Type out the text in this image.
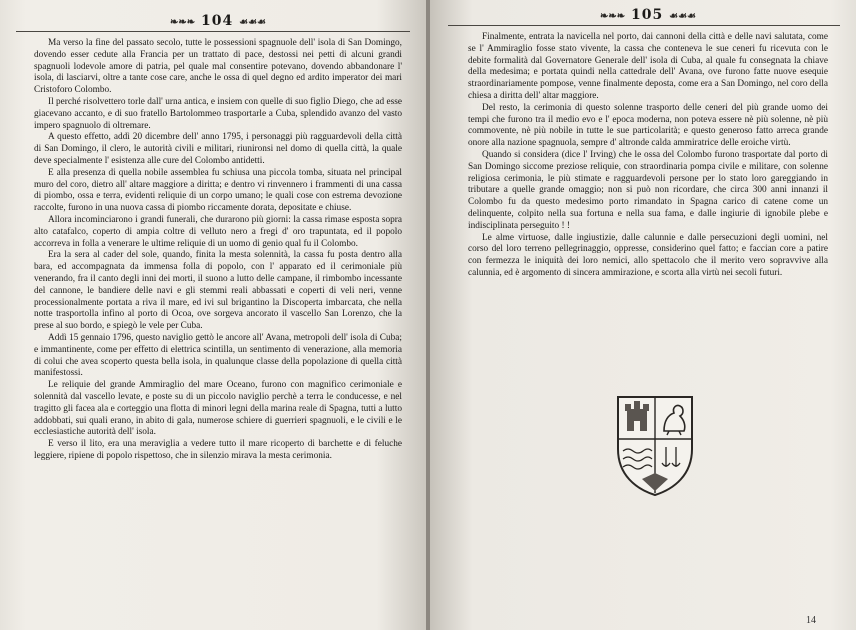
❧❧❧ 104 ☙☙☙

Ma verso la fine del passato secolo, tutte le possessioni spagnuole dell' isola di San Domingo, dovendo esser cedute alla Francia per un trattato di pace, destossi nei petti di alcuni grandi spagnuoli lodevole amore di patria, pel quale mal consentire potevano, dovendo abbandonare l' isola, di lasciarvi, oltre a tante cose care, anche le ossa di quel degno ed ardito imperator dei mari Cristoforo Colombo.

Il perché risolvettero torle dall' urna antica, e insiem con quelle di suo figlio Diego, che ad esse giacevano accanto, e di suo fratello Bartolommeo trasportarle a Cuba, splendido avanzo del vasto impero spagnuolo di oltremare.

A questo effetto, addì 20 dicembre dell' anno 1795, i personaggi più ragguardevoli della città di San Domingo, il clero, le autorità civili e militari, riunironsi nel domo di quella città, la quale deve specialmente l' esistenza alle cure del Colombo antidetti.

E alla presenza di quella nobile assemblea fu schiusa una piccola tomba, situata nel principal muro del coro, dietro all' altare maggiore a diritta; e dentro vi rinvennero i frammenti di una cassa di piombo, ossa e terra, evidenti reliquie di un corpo umano; le quali cose con estrema devozione raccolte, furono in una nuova cassa di piombo riccamente dorata, depositate e chiuse.

Allora incominciarono i grandi funerali, che durarono più giorni: la cassa rimase esposta sopra alto catafalco, coperto di ampia coltre di velluto nero a fregi d' oro trapuntata, ed il popolo accorreva in folla a venerare le ultime reliquie di un uomo di genio qual fu il Colombo.

Era la sera al cader del sole, quando, finita la mesta solennità, la cassa fu posta dentro alla bara, ed accompagnata da immensa folla di popolo, con l' apparato ed il cerimoniale più venerando, fra il canto degli inni dei morti, il suono a lutto delle campane, il rimbombo incessante del cannone, le bandiere delle navi e gli stemmi reali abbassati e coperti di veli neri, venne processionalmente portata a riva il mare, ed ivi sul brigantino la Discoperta imbarcata, che nella notte trasportolla infino al porto di Ocoa, ove sorgeva ancorato il vascello San Lorenzo, che la prese al suo bordo, e spiegò le vele per Cuba.

Addì 15 gennaio 1796, questo naviglio gettò le ancore all' Avana, metropoli dell' isola di Cuba; e immantinente, come per effetto di elettrica scintilla, un sentimento di venerazione, alla memoria di colui che avea scoperto questa bella isola, in qualunque classe della popolazione di quella città manifestossi.

Le reliquie del grande Ammiraglio del mare Oceano, furono con magnifico cerimoniale e solennità dal vascello levate, e poste su di un piccolo naviglio perchè a terra le conducesse, e nel tragitto gli facea ala e corteggio una flotta di minori legni della marina reale di Spagna, tutti a lutto addobbati, sui quali erano, in abito di gala, numerose schiere di guerrieri spagnuoli, e le civili e le ecclesiastiche autorità dell' isola.

E verso il lito, era una meraviglia a vedere tutto il mare ricoperto di barchette e di feluche leggiere, ripiene di popolo rispettoso, che in silenzio mirava la mesta cerimonia.

❧❧❧ 105 ☙☙☙

Finalmente, entrata la navicella nel porto, dai cannoni della città e delle navi salutata, come se l' Ammiraglio fosse stato vivente, la cassa che conteneva le sue ceneri fu ricevuta con le debite formalità dal Governatore Generale dell' isola di Cuba, al quale fu consegnata la chiave della medesima; e portata quindi nella cattedrale dell' Avana, ove furono fatte nuove esequie straordinariamente pompose, venne finalmente deposta, come era a San Domingo, nel coro della chiesa a diritta dell' altar maggiore.

Del resto, la cerimonia di questo solenne trasporto delle ceneri del più grande uomo dei tempi che furono tra il medio evo e l' epoca moderna, non poteva essere nè più solenne, nè più commovente, nè più nobile in tutte le sue particolarità; e questo generoso fatto arreca grande onore alla nazione spagnuola, sempre d' altronde calda ammiratrice delle eroiche virtù.

Quando si considera (dice l' Irving) che le ossa del Colombo furono trasportate dal porto di San Domingo siccome preziose reliquie, con straordinaria pompa civile e militare, con solenne religiosa cerimonia, le più stimate e ragguardevoli persone per lo stato loro gareggiando in tributare a quelle grande omaggio; non si può non ricordare, che circa 300 anni innanzi il Colombo fu da questo medesimo porto rimandato in Spagna carico di catene come un delinquente, colpito nella sua fortuna e nella sua fama, e dalle ingiurie di ignobile plebe e indisciplinata perseguito ! !

Le alme virtuose, dalle ingiustizie, dalle calunnie e dalle persecuzioni degli uomini, nel corso del loro terreno pellegrinaggio, oppresse, considerino quel fatto; e faccian core a patire con fermezza le iniquità dei loro nemici, allo spettacolo che il merito vero sopravvive alla calunnia, ed è argomento di sincera ammirazione, e scorta alla virtù nei secoli futuri.

14
